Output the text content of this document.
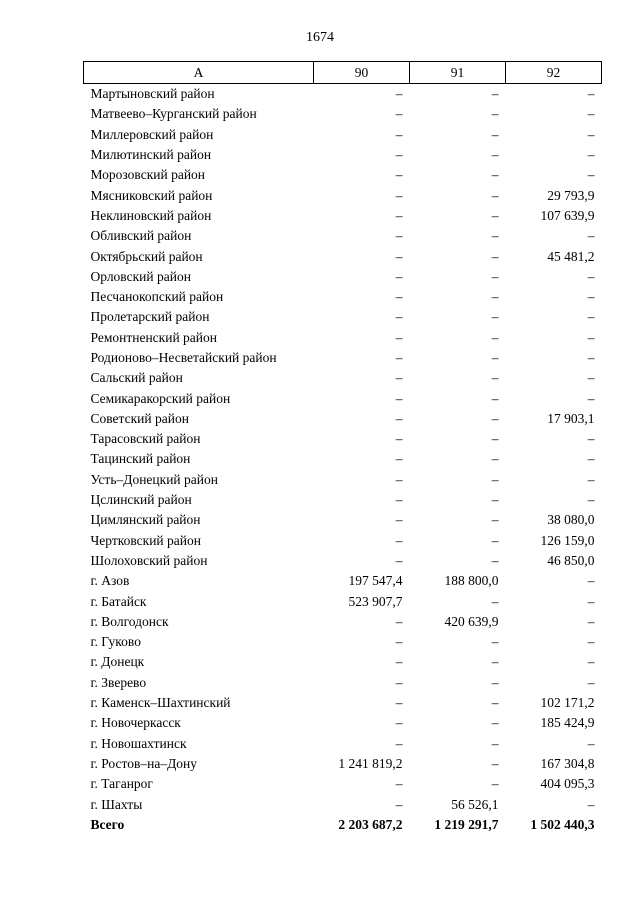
1674
А	90	91	92
Мартыновский район	–	–	–
Матвеево–Курганский район	–	–	–
Миллеровский район	–	–	–
Милютинский район	–	–	–
Морозовский район	–	–	–
Мясниковский район	–	–	29 793,9
Неклиновский район	–	–	107 639,9
Обливский район	–	–	–
Октябрьский район	–	–	45 481,2
Орловский район	–	–	–
Песчанокопский район	–	–	–
Пролетарский район	–	–	–
Ремонтненский район	–	–	–
Родионово–Несветайский район	–	–	–
Сальский район	–	–	–
Семикаракорский район	–	–	–
Советский район	–	–	17 903,1
Тарасовский район	–	–	–
Тацинский район	–	–	–
Усть–Донецкий район	–	–	–
Цслинский район	–	–	–
Цимлянский район	–	–	38 080,0
Чертковский район	–	–	126 159,0
Шолоховский район	–	–	46 850,0
г. Азов	197 547,4	188 800,0	–
г. Батайск	523 907,7	–	–
г. Волгодонск	–	420 639,9	–
г. Гуково	–	–	–
г. Донецк	–	–	–
г. Зверево	–	–	–
г. Каменск–Шахтинский	–	–	102 171,2
г. Новочеркасск	–	–	185 424,9
г. Новошахтинск	–	–	–
г. Ростов–на–Дону	1 241 819,2	–	167 304,8
г. Таганрог	–	–	404 095,3
г. Шахты	–	56 526,1	–
Всего	2 203 687,2	1 219 291,7	1 502 440,3
